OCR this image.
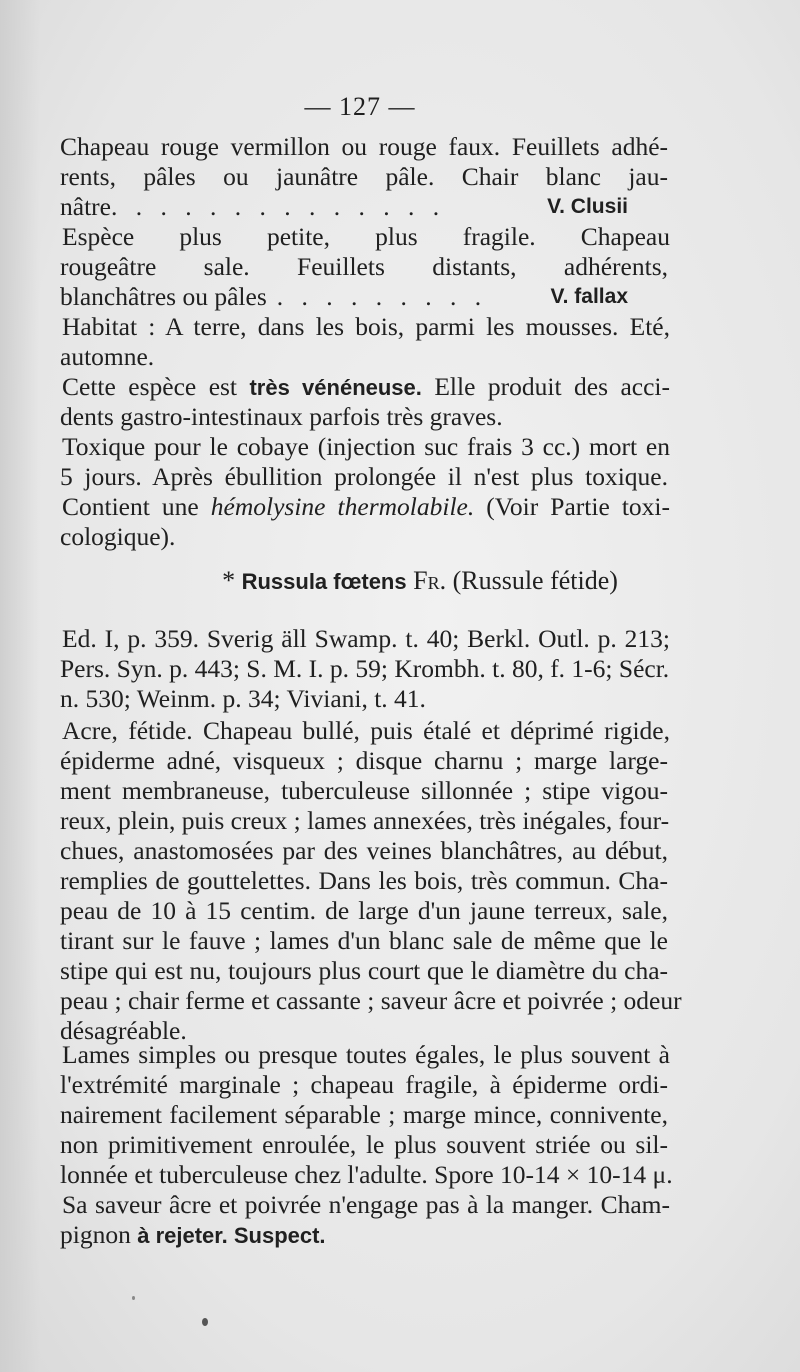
— 127 —
Chapeau rouge vermillon ou rouge faux. Feuillets adhé-
rents, pâles ou jaunâtre pâle. Chair blanc jau-
nâtre. . . . . . . . . . . . . .	V. Clusii
Espèce plus petite, plus fragile. Chapeau
rougeâtre sale. Feuillets distants, adhérents,
blanchâtres ou pâles . . . . . . . . .	V. fallax
Habitat : A terre, dans les bois, parmi les mousses. Eté,
automne.
Cette espèce est très vénéneuse. Elle produit des acci-
dents gastro-intestinaux parfois très graves.
Toxique pour le cobaye (injection suc frais 3 cc.) mort en
5 jours. Après ébullition prolongée il n'est plus toxique.
Contient une hémolysine thermolabile. (Voir Partie toxi-
cologique).
* Russula fœtens Fr. (Russule fétide)
Ed. I, p. 359. Sverig äll Swamp. t. 40; Berkl. Outl. p. 213;
Pers. Syn. p. 443; S. M. I. p. 59; Krombh. t. 80, f. 1-6; Sécr.
n. 530; Weinm. p. 34; Viviani, t. 41.
Acre, fétide. Chapeau bullé, puis étalé et déprimé rigide,
épiderme adné, visqueux ; disque charnu ; marge large-
ment membraneuse, tuberculeuse sillonnée ; stipe vigou-
reux, plein, puis creux ; lames annexées, très inégales, four-
chues, anastomosées par des veines blanchâtres, au début,
remplies de gouttelettes. Dans les bois, très commun. Cha-
peau de 10 à 15 centim. de large d'un jaune terreux, sale,
tirant sur le fauve ; lames d'un blanc sale de même que le
stipe qui est nu, toujours plus court que le diamètre du cha-
peau ; chair ferme et cassante ; saveur âcre et poivrée ; odeur
désagréable.
Lames simples ou presque toutes égales, le plus souvent à
l'extrémité marginale ; chapeau fragile, à épiderme ordi-
nairement facilement séparable ; marge mince, connivente,
non primitivement enroulée, le plus souvent striée ou sil-
lonnée et tuberculeuse chez l'adulte. Spore 10-14 × 10-14 μ.
Sa saveur âcre et poivrée n'engage pas à la manger. Cham-
pignon à rejeter. Suspect.
